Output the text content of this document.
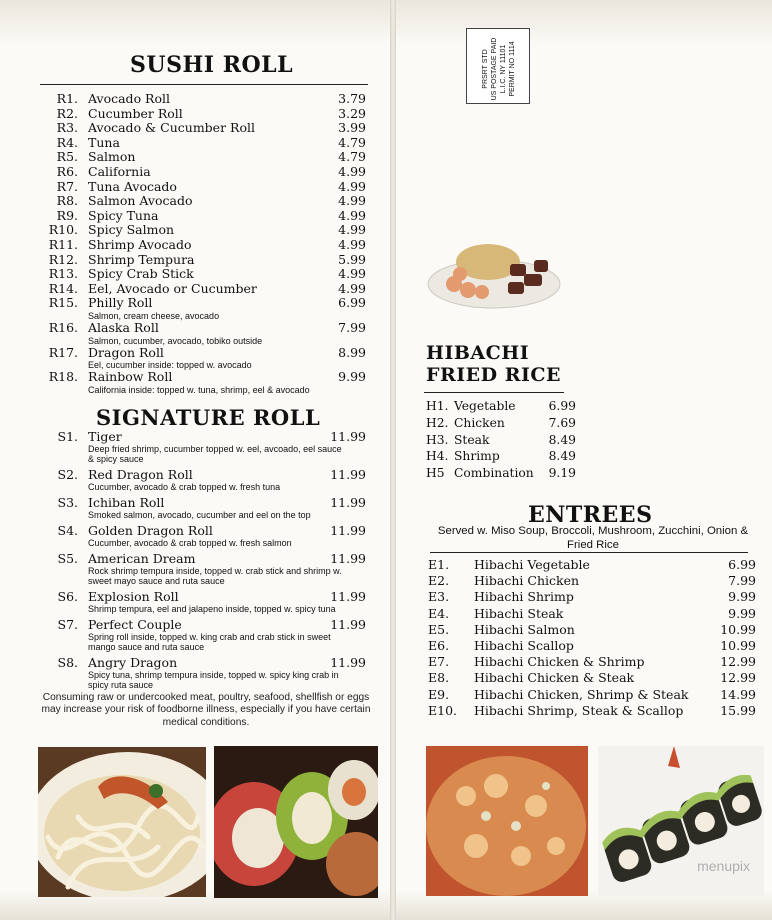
SUSHI ROLL
R1. Avocado Roll	3.79
R2. Cucumber Roll	3.29
R3. Avocado & Cucumber Roll	3.99
R4. Tuna	4.79
R5. Salmon	4.79
R6. California	4.99
R7. Tuna Avocado	4.99
R8. Salmon Avocado	4.99
R9. Spicy Tuna	4.99
R10. Spicy Salmon	4.99
R11. Shrimp Avocado	4.99
R12. Shrimp Tempura	5.99
R13. Spicy Crab Stick	4.99
R14. Eel, Avocado or Cucumber	4.99
R15. Philly Roll	6.99
Salmon, cream cheese, avocado
R16. Alaska Roll	7.99
Salmon, cucumber, avocado, tobiko outside
R17. Dragon Roll	8.99
Eel, cucumber inside: topped w. avocado
R18. Rainbow Roll	9.99
California inside: topped w. tuna, shrimp, eel & avocado
SIGNATURE ROLL
S1. Tiger	11.99
Deep fried shrimp, cucumber topped w. eel, avcoado, eel sauce & spicy sauce
S2. Red Dragon Roll	11.99
Cucumber, avocado & crab topped w. fresh tuna
S3. Ichiban Roll	11.99
Smoked salmon, avocado, cucumber and eel on the top
S4. Golden Dragon Roll	11.99
Cucumber, avocado & crab topped w. fresh salmon
S5. American Dream	11.99
Rock shrimp tempura inside, topped w. crab stick and shrimp w. sweet mayo sauce and ruta sauce
S6. Explosion Roll	11.99
Shrimp tempura, eel and jalapeno inside, topped w. spicy tuna
S7. Perfect Couple	11.99
Spring roll inside, topped w. king crab and crab stick in sweet mango sauce and ruta sauce
S8. Angry Dragon	11.99
Spicy tuna, shrimp tempura inside, topped w. spicy king crab in spicy ruta sauce
Consuming raw or undercooked meat, poultry, seafood, shellfish or eggs may increase your risk of foodborne illness, especially if you have certain medical conditions.
PRSRT STD
US POSTAGE PAID
L.I.C. NY 11101
PERMIT NO 1114
HIBACHI
FRIED RICE
H1. Vegetable	6.99
H2. Chicken	7.69
H3. Steak	8.49
H4. Shrimp	8.49
H5 Combination	9.19
ENTREES
Served w. Miso Soup, Broccoli, Mushroom, Zucchini, Onion & Fried Rice
E1.	Hibachi Vegetable	6.99
E2.	Hibachi Chicken	7.99
E3.	Hibachi Shrimp	9.99
E4.	Hibachi Steak	9.99
E5.	Hibachi Salmon	10.99
E6.	Hibachi Scallop	10.99
E7.	Hibachi Chicken & Shrimp	12.99
E8.	Hibachi Chicken & Steak	12.99
E9.	Hibachi Chicken, Shrimp & Steak	14.99
E10. Hibachi Shrimp, Steak & Scallop	15.99
menupix
